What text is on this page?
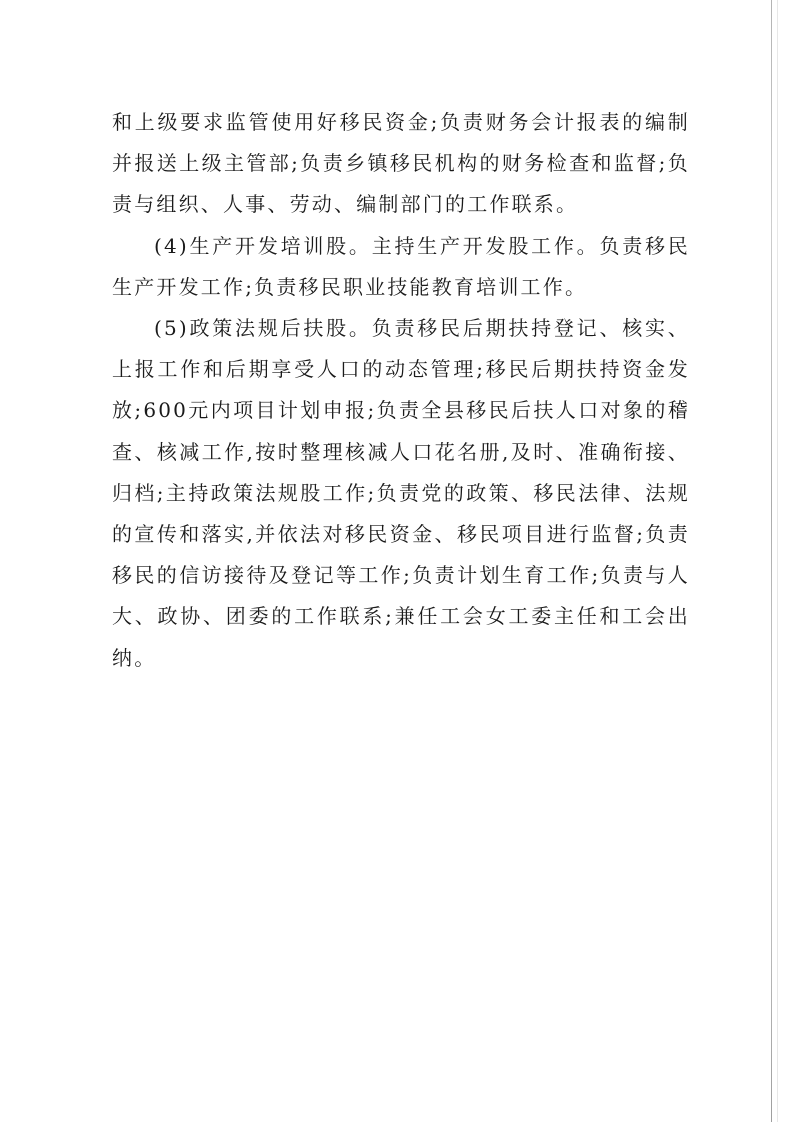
和上级要求监管使用好移民资金;负责财务会计报表的编制并报送上级主管部;负责乡镇移民机构的财务检查和监督;负责与组织、人事、劳动、编制部门的工作联系。

(4)生产开发培训股。主持生产开发股工作。负责移民生产开发工作;负责移民职业技能教育培训工作。

(5)政策法规后扶股。负责移民后期扶持登记、核实、上报工作和后期享受人口的动态管理;移民后期扶持资金发放;600元内项目计划申报;负责全县移民后扶人口对象的稽查、核减工作,按时整理核减人口花名册,及时、准确衔接、归档;主持政策法规股工作;负责党的政策、移民法律、法规的宣传和落实,并依法对移民资金、移民项目进行监督;负责移民的信访接待及登记等工作;负责计划生育工作;负责与人大、政协、团委的工作联系;兼任工会女工委主任和工会出纳。
